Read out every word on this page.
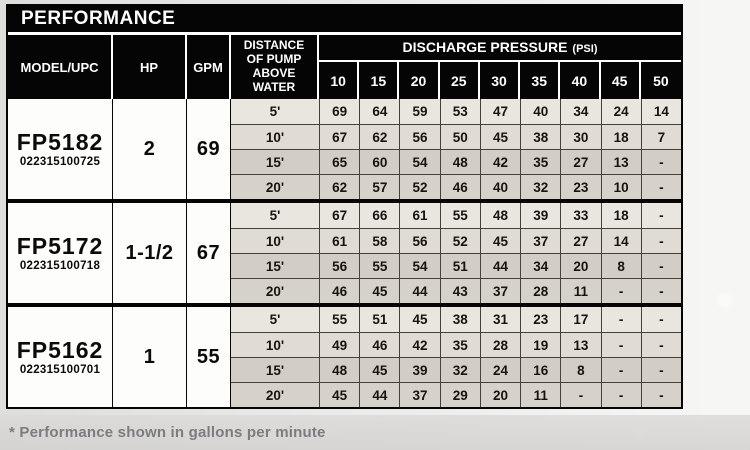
PERFORMANCE
MODEL/UPC	HP	GPM
DISTANCE OF PUMP ABOVE WATER
DISCHARGE PRESSURE (PSI)
10	15	20	25	30	35	40	45	50
FP5182
022315100725
2	69
5'	69	64	59	53	47	40	34	24	14
10'	67	62	56	50	45	38	30	18	7
15'	65	60	54	48	42	35	27	13	-
20'	62	57	52	46	40	32	23	10	-
FP5172
022315100718
1-1/2	67
5'	67	66	61	55	48	39	33	18	-
10'	61	58	56	52	45	37	27	14	-
15'	56	55	54	51	44	34	20	8	-
20'	46	45	44	43	37	28	11	-	-
FP5162
022315100701
1	55
5'	55	51	45	38	31	23	17	-	-
10'	49	46	42	35	28	19	13	-	-
15'	48	45	39	32	24	16	8	-	-
20'	45	44	37	29	20	11	-	-	-
* Performance shown in gallons per minute
